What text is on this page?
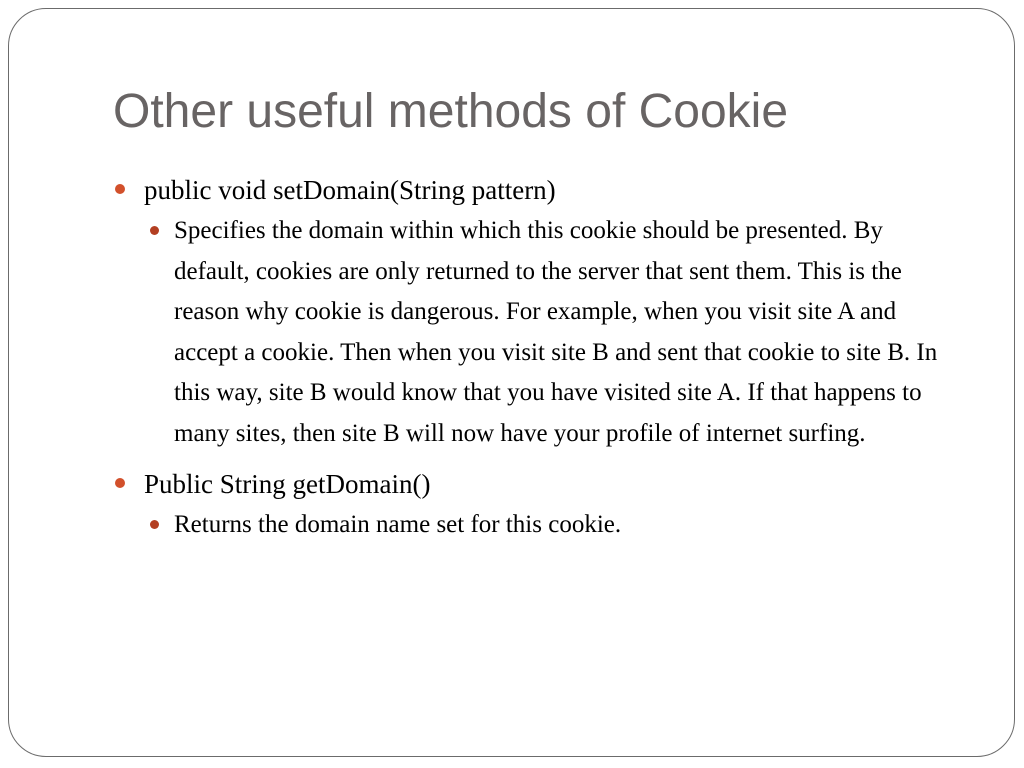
Other useful methods of Cookie
public void setDomain(String pattern)
Specifies the domain within which this cookie should be presented. By default, cookies are only returned to the server that sent them. This is the reason why cookie is dangerous. For example, when you visit site A and accept a cookie. Then when you visit site B and sent that cookie to site B. In this way, site B would know that you have visited site A. If that happens to many sites, then site B will now have your profile of internet surfing.
Public String getDomain()
Returns the domain name set for this cookie.
